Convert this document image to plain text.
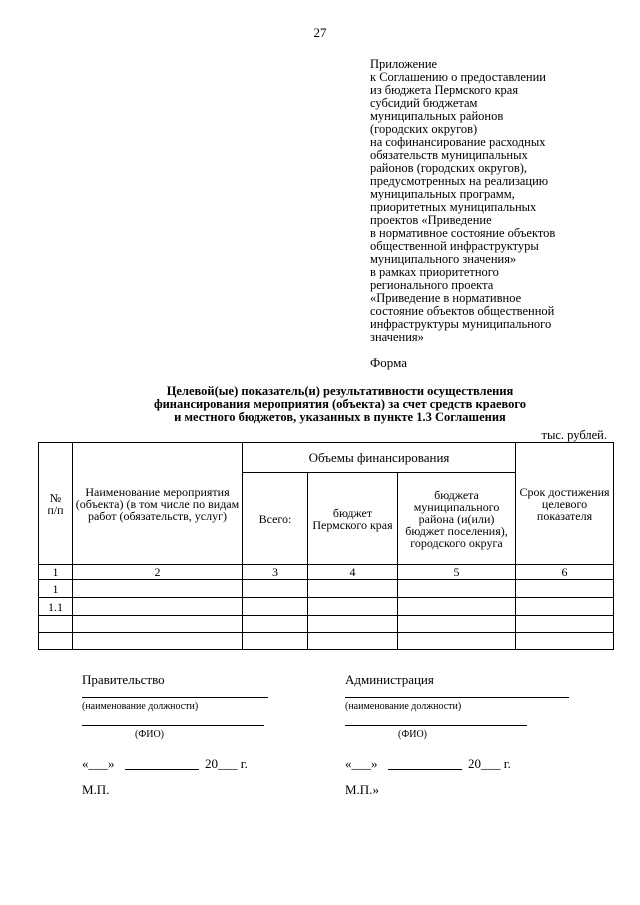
27
Приложение
к Соглашению о предоставлении
из бюджета Пермского края
субсидий бюджетам
муниципальных районов
(городских округов)
на софинансирование расходных
обязательств муниципальных
районов (городских округов),
предусмотренных на реализацию
муниципальных программ,
приоритетных муниципальных
проектов «Приведение
в нормативное состояние объектов
общественной инфраструктуры
муниципального значения»
в рамках приоритетного
регионального проекта
«Приведение в нормативное
состояние объектов общественной
инфраструктуры муниципального
значения»
Форма
Целевой(ые) показатель(и) результативности осуществления
финансирования мероприятия (объекта) за счет средств краевого
и местного бюджетов, указанных в пункте 1.3 Соглашения
тыс. рублей.
№
п/п	Наименование мероприятия (объекта) (в том числе по видам работ (обязательств, услуг)	Объемы финансирования			Срок достижения целевого показателя
		Всего:	бюджет Пермского края	бюджета муниципального района (и(или) бюджет поселения), городского округа	
1	2	3	4	5	6
1					
1.1					

Правительство
(наименование должности)
(ФИО)
«___»	20___ г.
М.П.
Администрация
(наименование должности)
(ФИО)
«___»	20___ г.
М.П.»
